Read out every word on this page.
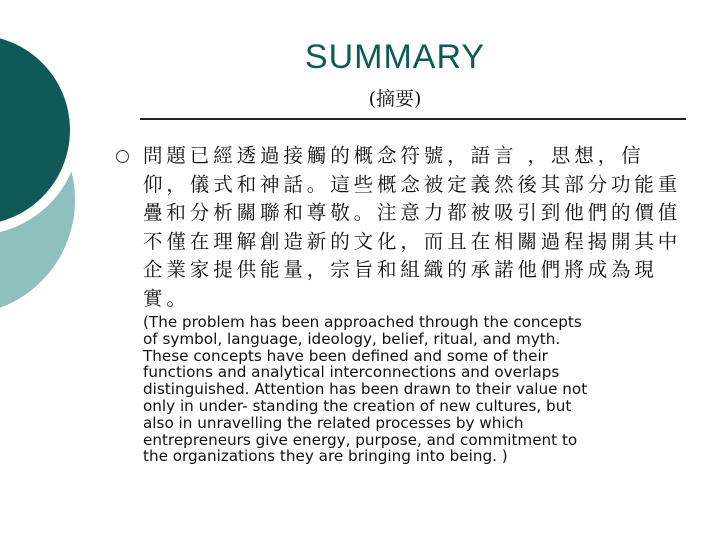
SUMMARY
(摘要)
問題已經透過接觸的概念符號，語言 ，思想，信仰，儀式和神話。這些概念被定義然後其部分功能重疊和分析關聯和尊敬。注意力都被吸引到他們的價值不僅在理解創造新的文化，而且在相關過程揭開其中企業家提供能量，宗旨和組織的承諾他們將成為現實。
(The problem has been approached through the concepts
of symbol, language, ideology, belief, ritual, and myth.
These concepts have been defined and some of their
functions and analytical interconnections and overlaps
distinguished. Attention has been drawn to their value not
only in under- standing the creation of new cultures, but
also in unravelling the related processes by which
entrepreneurs give energy, purpose, and commitment to
the organizations they are bringing into being. )
